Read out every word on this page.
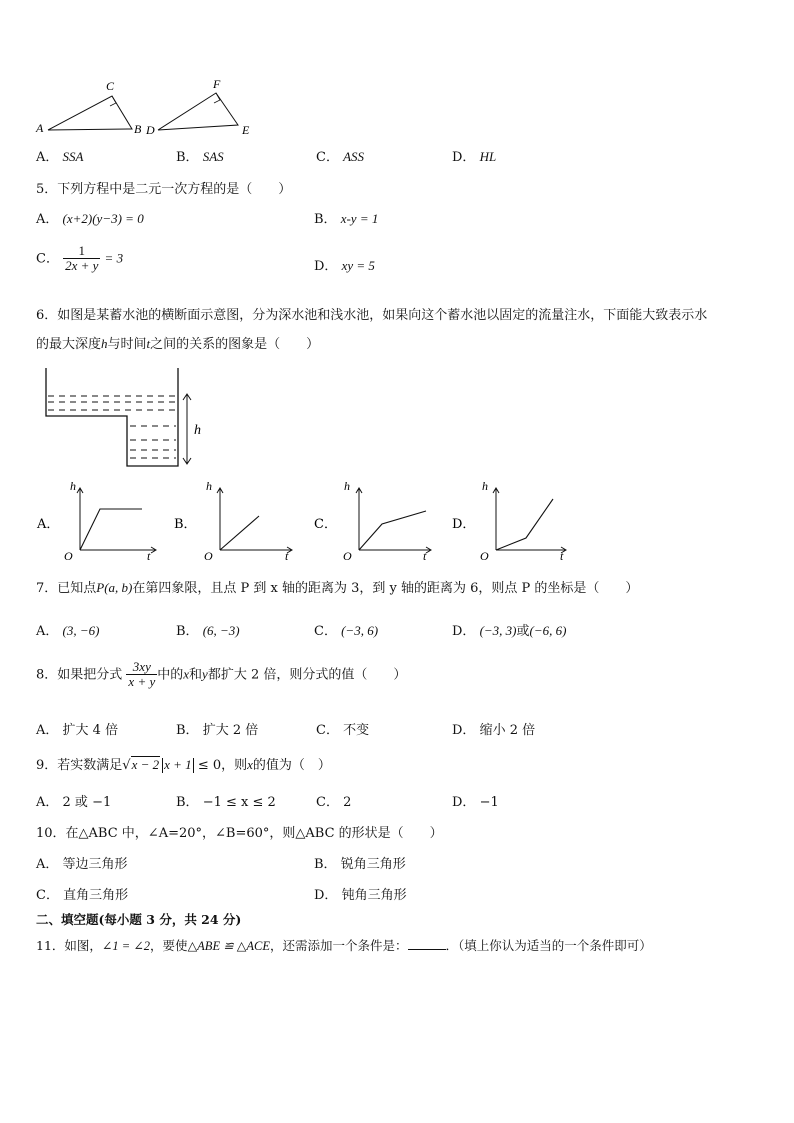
A	B
C
D	E
F
A． SSA	B． SAS	C． ASS	D． HL
5．下列方程中是二元一次方程的是（　　）
A． (x+2)(y−3) = 0	B． x-y = 1
C． $\frac{1}{2x + y} = 3$
D． xy = 5
6．如图是某蓄水池的横断面示意图，分为深水池和浅水池，如果向这个蓄水池以固定的流量注水，下面能大致表示水
的最大深度h与时间t之间的关系的图象是（　　）
h
A．
h
t
O
B．
h
t
O
C．
h
t
O
D．
h
t
O
7．已知点P(a, b)在第四象限，且点 P 到 x 轴的距离为 3，到 y 轴的距离为 6，则点 P 的坐标是（　　）
A． (3, −6)	B． (6, −3)	C． (−3, 6)	D． (−3, 3)或(−6, 6)
8．如果把分式 $\frac{3xy}{x + y}$ 中的x和y都扩大 2 倍，则分式的值（　　）
A． 扩大 4 倍	B． 扩大 2 倍	C． 不变	D． 缩小 2 倍
9．若实数满足√x − 2 x + 1 ≤ 0，则x的值为（　）
A． 2 或 −1	B． −1 ≤ x ≤ 2	C． 2	D． −1
10．在△ABC 中，∠A=20°，∠B=60°，则△ABC 的形状是（　　）
A． 等边三角形	B． 锐角三角形
C． 直角三角形	D． 钝角三角形
二、填空题(每小题 3 分，共 24 分)
11．如图，∠1 = ∠2，要使△ABE ≌ △ACE，还需添加一个条件是：	．（填上你认为适当的一个条件即可）
